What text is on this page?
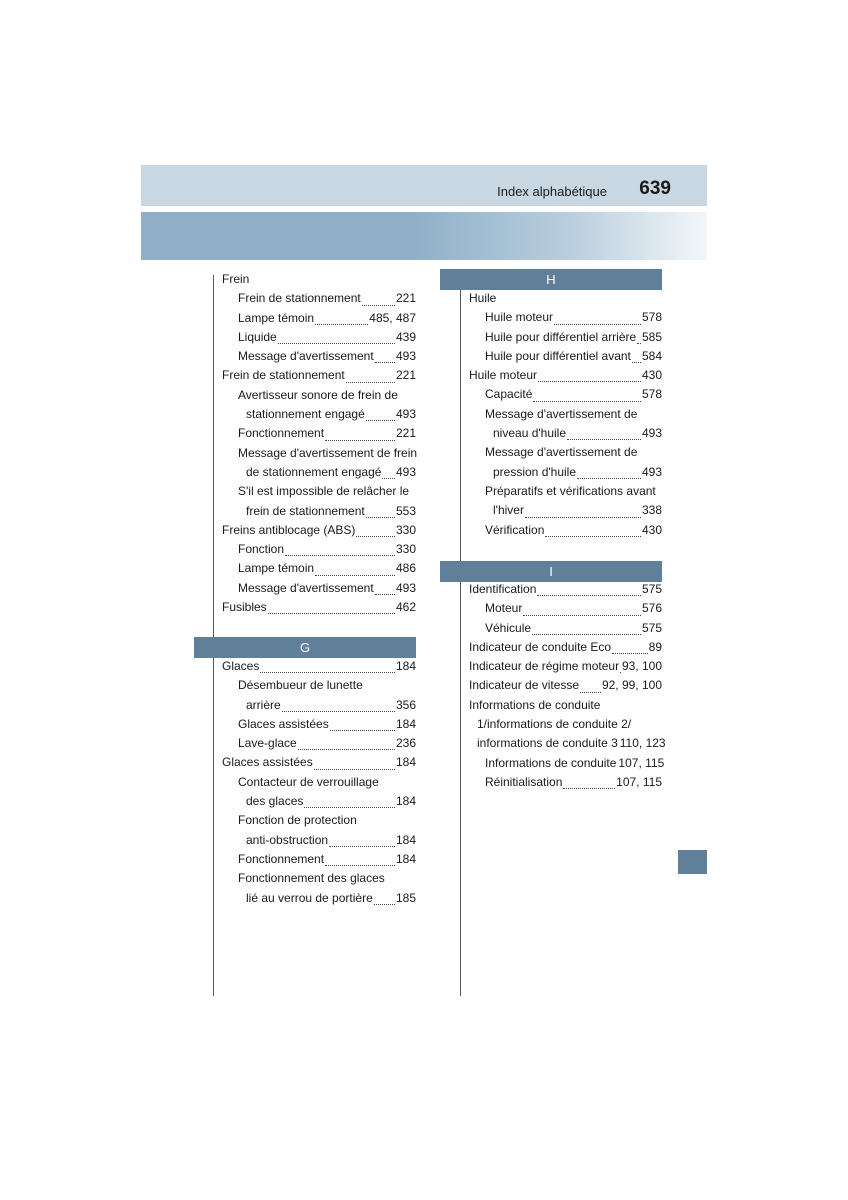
Index alphabétique 639
Frein
Frein de stationnement	221
Lampe témoin	485, 487
Liquide	439
Message d'avertissement 493
Frein de stationnement	221
Avertisseur sonore de frein de
stationnement engagé	493
Fonctionnement	221
Message d'avertissement de frein
de stationnement engagé 493
S'il est impossible de relâcher le
frein de stationnement	553
Freins antiblocage (ABS)	330
Fonction	330
Lampe témoin	486
Message d'avertissement 493
Fusibles	462
G
Glaces	184
Désembueur de lunette
arrière	356
Glaces assistées	184
Lave-glace	236
Glaces assistées	184
Contacteur de verrouillage
des glaces	184
Fonction de protection
anti-obstruction	184
Fonctionnement	184
Fonctionnement des glaces
lié au verrou de portière 185
H
Huile
Huile moteur	578
Huile pour différentiel arrière 585
Huile pour différentiel avant 584
Huile moteur	430
Capacité	578
Message d'avertissement de
niveau d'huile	493
Message d'avertissement de
pression d'huile	493
Préparatifs et vérifications avant
l'hiver	338
Vérification	430
I
Identification	575
Moteur	576
Véhicule	575
Indicateur de conduite Eco	89
Indicateur de régime moteur 93, 100
Indicateur de vitesse 92, 99, 100
Informations de conduite
1/informations de conduite 2/
informations de conduite 3 110, 123
Informations de conduite 107, 115
Réinitialisation	107, 115
